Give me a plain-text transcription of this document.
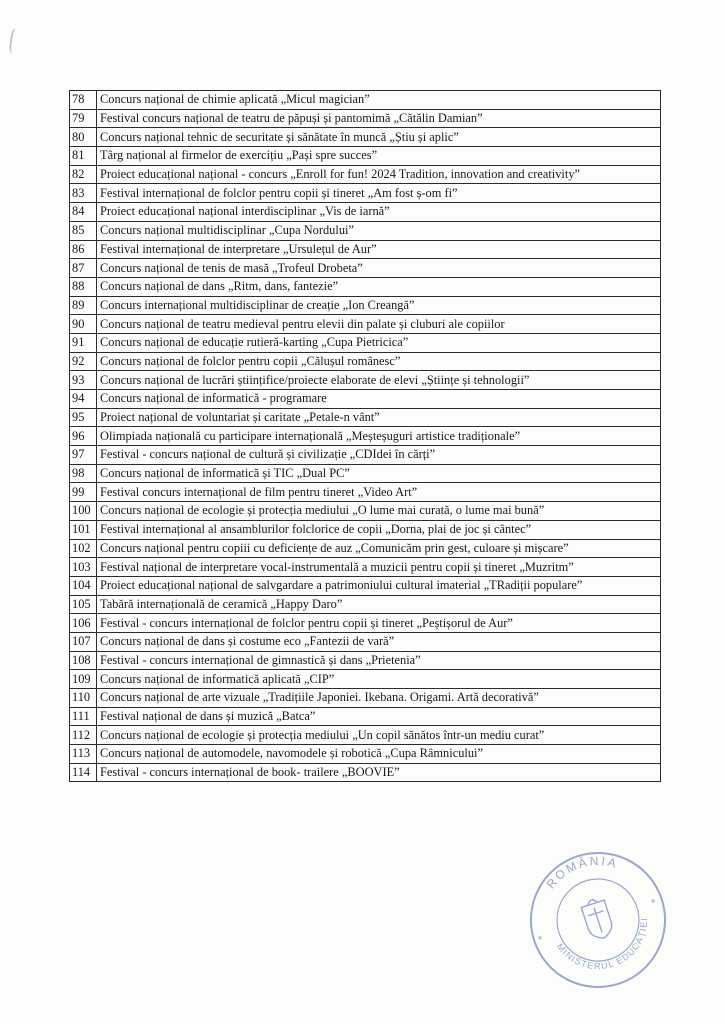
78	Concurs național de chimie aplicată „Micul magician”
79	Festival concurs național de teatru de păpuși și pantomimă „Cătălin Damian”
80	Concurs național tehnic de securitate și sănătate în muncă „Știu și aplic”
81	Târg național al firmelor de exercițiu „Pași spre succes”
82	Proiect educațional național - concurs „Enroll for fun! 2024 Tradition, innovation and creativity”
83	Festival internațional de folclor pentru copii și tineret „Am fost ș-om fi”
84	Proiect educațional național interdisciplinar „Vis de iarnă”
85	Concurs național multidisciplinar „Cupa Nordului”
86	Festival internațional de interpretare „Ursulețul de Aur”
87	Concurs național de tenis de masă „Trofeul Drobeta”
88	Concurs național de dans „Ritm, dans, fantezie”
89	Concurs internațional multidisciplinar de creație „Ion Creangă”
90	Concurs național de teatru medieval pentru elevii din palate și cluburi ale copiilor
91	Concurs național de educație rutieră-karting „Cupa Pietricica”
92	Concurs național de folclor pentru copii „Călușul românesc”
93	Concurs național de lucrări științifice/proiecte elaborate de elevi „Științe și tehnologii”
94	Concurs național de informatică - programare
95	Proiect național de voluntariat și caritate „Petale-n vânt”
96	Olimpiada națională cu participare internațională „Meșteșuguri artistice tradiționale”
97	Festival - concurs național de cultură și civilizație „CDIdei în cărți”
98	Concurs național de informatică și TIC „Dual PC”
99	Festival concurs internațional de film pentru tineret „Video Art”
100	Concurs național de ecologie și protecția mediului „O lume mai curată, o lume mai bună”
101	Festival internațional al ansamblurilor folclorice de copii „Dorna, plai de joc și cântec”
102	Concurs național pentru copiii cu deficiențe de auz „Comunicăm prin gest, culoare și mișcare”
103	Festival național de interpretare vocal-instrumentală a muzicii pentru copii și tineret „Muzritm”
104	Proiect educațional național de salvgardare a patrimoniului cultural imaterial „TRadiții populare”
105	Tabără internațională de ceramică „Happy Daro”
106	Festival - concurs internațional de folclor pentru copii și tineret „Peștișorul de Aur”
107	Concurs național de dans și costume eco „Fantezii de vară”
108	Festival - concurs internațional de gimnastică și dans „Prietenia”
109	Concurs național de informatică aplicată „CIP”
110	Concurs național de arte vizuale „Tradițiile Japoniei. Ikebana. Origami. Artă decorativă”
111	Festival național de dans și muzică „Batca”
112	Concurs național de ecologie și protecția mediului „Un copil sănătos într-un mediu curat”
113	Concurs național de automodele, navomodele și robotică „Cupa Râmnicului”
114	Festival - concurs internațional de book- trailere „BOOVIE”
ROMÂNIA
MINISTERUL EDUCAȚIEI
*
*
